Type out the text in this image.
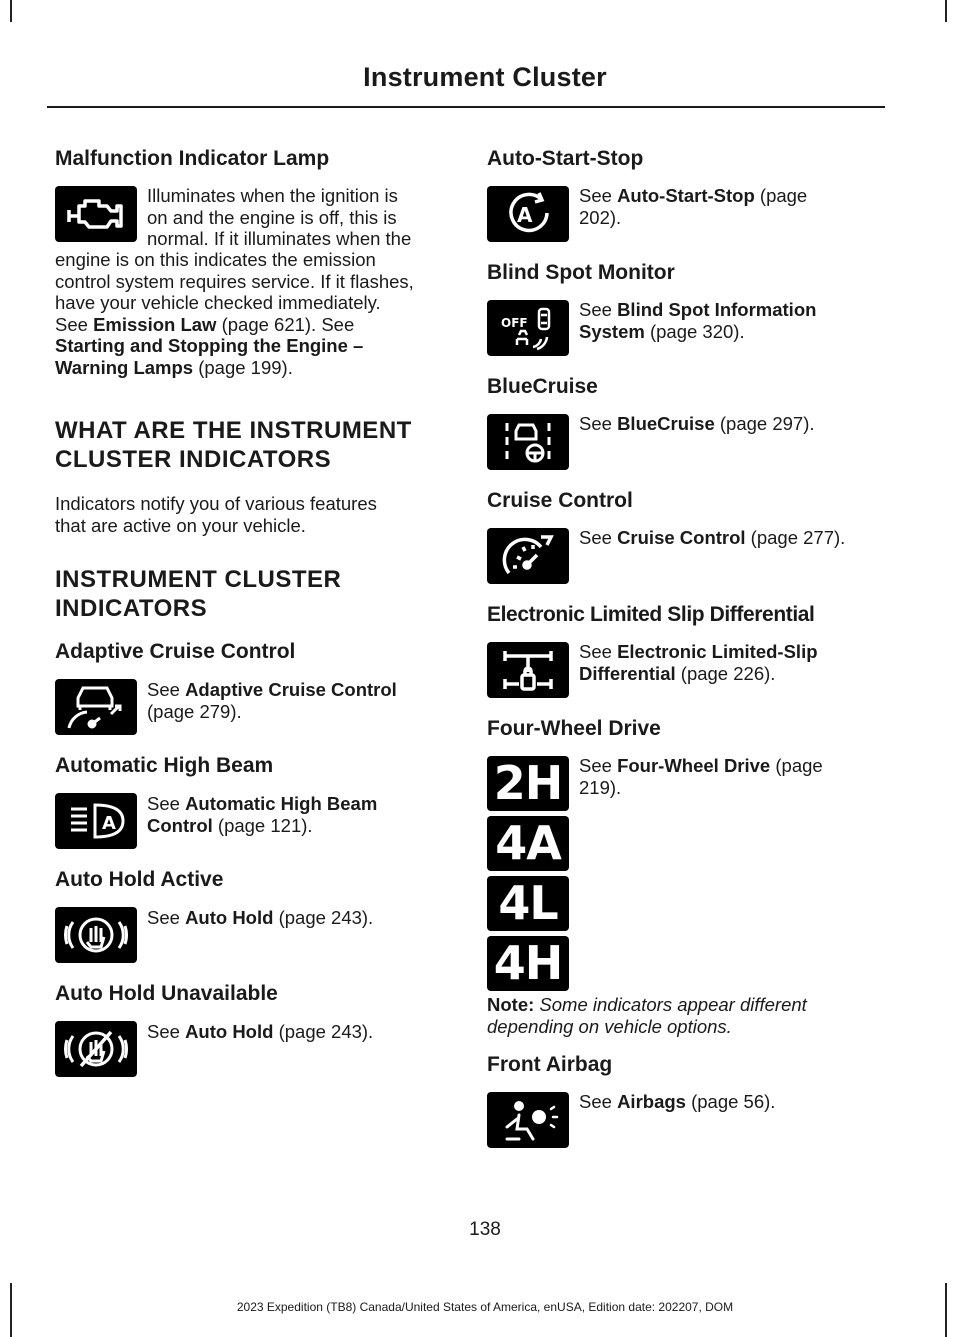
Instrument Cluster
Malfunction Indicator Lamp
Illuminates when the ignition is
on and the engine is off, this is
normal. If it illuminates when the
engine is on this indicates the emission
control system requires service. If it flashes,
have your vehicle checked immediately.
See Emission Law (page 621). See
Starting and Stopping the Engine –
Warning Lamps (page 199).
WHAT ARE THE INSTRUMENT
CLUSTER INDICATORS
Indicators notify you of various features
that are active on your vehicle.
INSTRUMENT CLUSTER
INDICATORS
Adaptive Cruise Control
See Adaptive Cruise Control
(page 279).
Automatic High Beam
A
See Automatic High Beam
Control (page 121).
Auto Hold Active
See Auto Hold (page 243).
Auto Hold Unavailable
See Auto Hold (page 243).
Auto-Start-Stop
A
See Auto-Start-Stop (page
202).
Blind Spot Monitor
OFF
See Blind Spot Information
System (page 320).
BlueCruise
See BlueCruise (page 297).
Cruise Control
See Cruise Control (page 277).
Electronic Limited Slip Differential
See Electronic Limited-Slip
Differential (page 226).
Four-Wheel Drive
2H
4A
4L
4H
See Four-Wheel Drive (page
219).
Note: Some indicators appear different
depending on vehicle options.
Front Airbag
See Airbags (page 56).
138
2023 Expedition (TB8) Canada/United States of America, enUSA, Edition date: 202207, DOM
